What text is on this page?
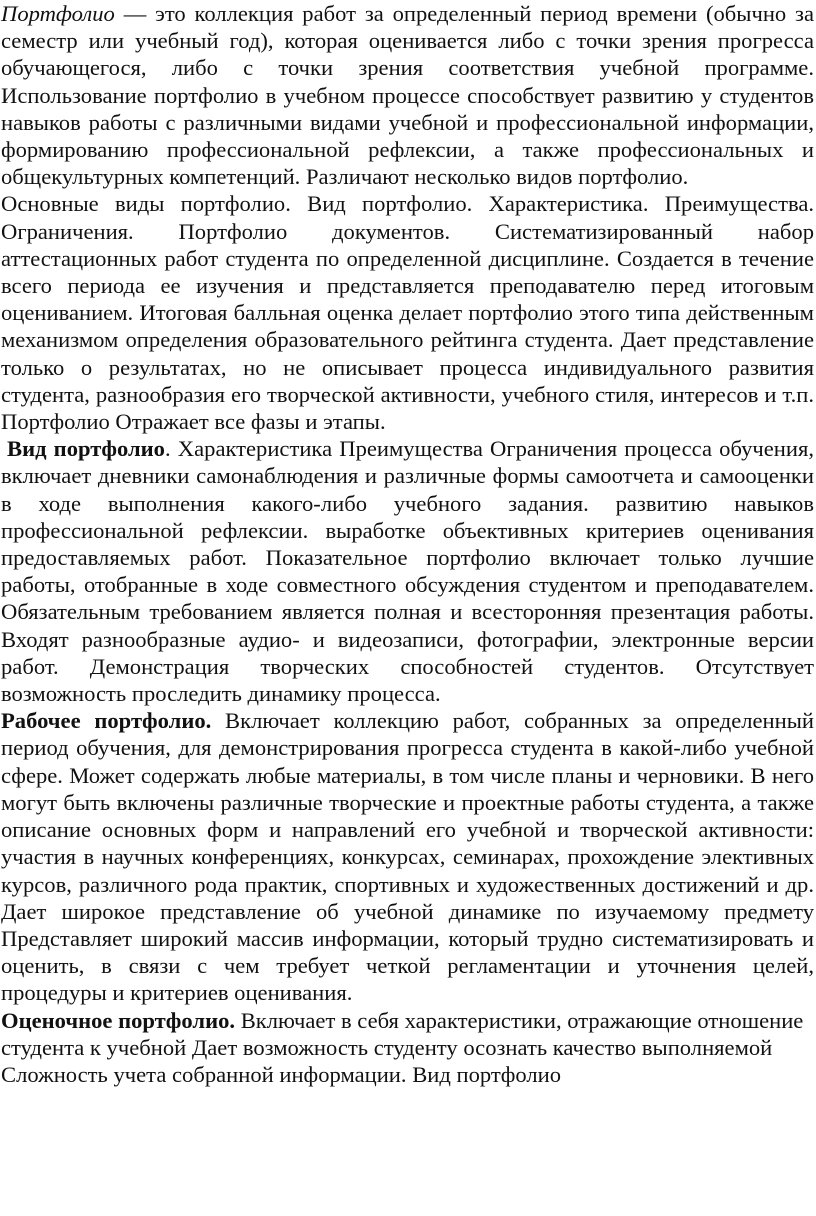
Портфолио — это коллекция работ за определенный период времени (обычно за семестр или учебный год), которая оценивается либо с точки зрения прогресса обучающегося, либо с точки зрения соответствия учебной программе. Использование портфолио в учебном процессе способствует развитию у студентов навыков работы с различными видами учебной и профессиональной информации, формированию профессиональной рефлексии, а также профессиональных и общекультурных компетенций. Различают несколько видов портфолио.

Основные виды портфолио. Вид портфолио. Характеристика. Преимущества. Ограничения. Портфолио документов. Систематизированный набор аттестационных работ студента по определенной дисциплине. Создается в течение всего периода ее изучения и представляется преподавателю перед итоговым оцениванием. Итоговая балльная оценка делает портфолио этого типа действенным механизмом определения образовательного рейтинга студента. Дает представление только о результатах, но не описывает процесса индивидуального развития студента, разнообразия его творческой активности, учебного стиля, интересов и т.п. Портфолио Отражает все фазы и этапы.

Вид портфолио. Характеристика Преимущества Ограничения процесса обучения, включает дневники самонаблюдения и различные формы самоотчета и самооценки в ходе выполнения какого-либо учебного задания. развитию навыков профессиональной рефлексии. выработке объективных критериев оценивания предоставляемых работ. Показательное портфолио включает только лучшие работы, отобранные в ходе совместного обсуждения студентом и преподавателем. Обязательным требованием является полная и всесторонняя презентация работы. Входят разнообразные аудио- и видеозаписи, фотографии, электронные версии работ. Демонстрация творческих способностей студентов. Отсутствует возможность проследить динамику процесса.

Рабочее портфолио. Включает коллекцию работ, собранных за определенный период обучения, для демонстрирования прогресса студента в какой-либо учебной сфере. Может содержать любые материалы, в том числе планы и черновики. В него могут быть включены различные творческие и проектные работы студента, а также описание основных форм и направлений его учебной и творческой активности: участия в научных конференциях, конкурсах, семинарах, прохождение элективных курсов, различного рода практик, спортивных и художественных достижений и др. Дает широкое представление об учебной динамике по изучаемому предмету Представляет широкий массив информации, который трудно систематизировать и оценить, в связи с чем требует четкой регламентации и уточнения целей, процедуры и критериев оценивания.

Оценочное портфолио. Включает в себя характеристики, отражающие отношение студента к учебной Дает возможность студенту осознать качество выполняемой Сложность учета собранной информации. Вид портфолио
